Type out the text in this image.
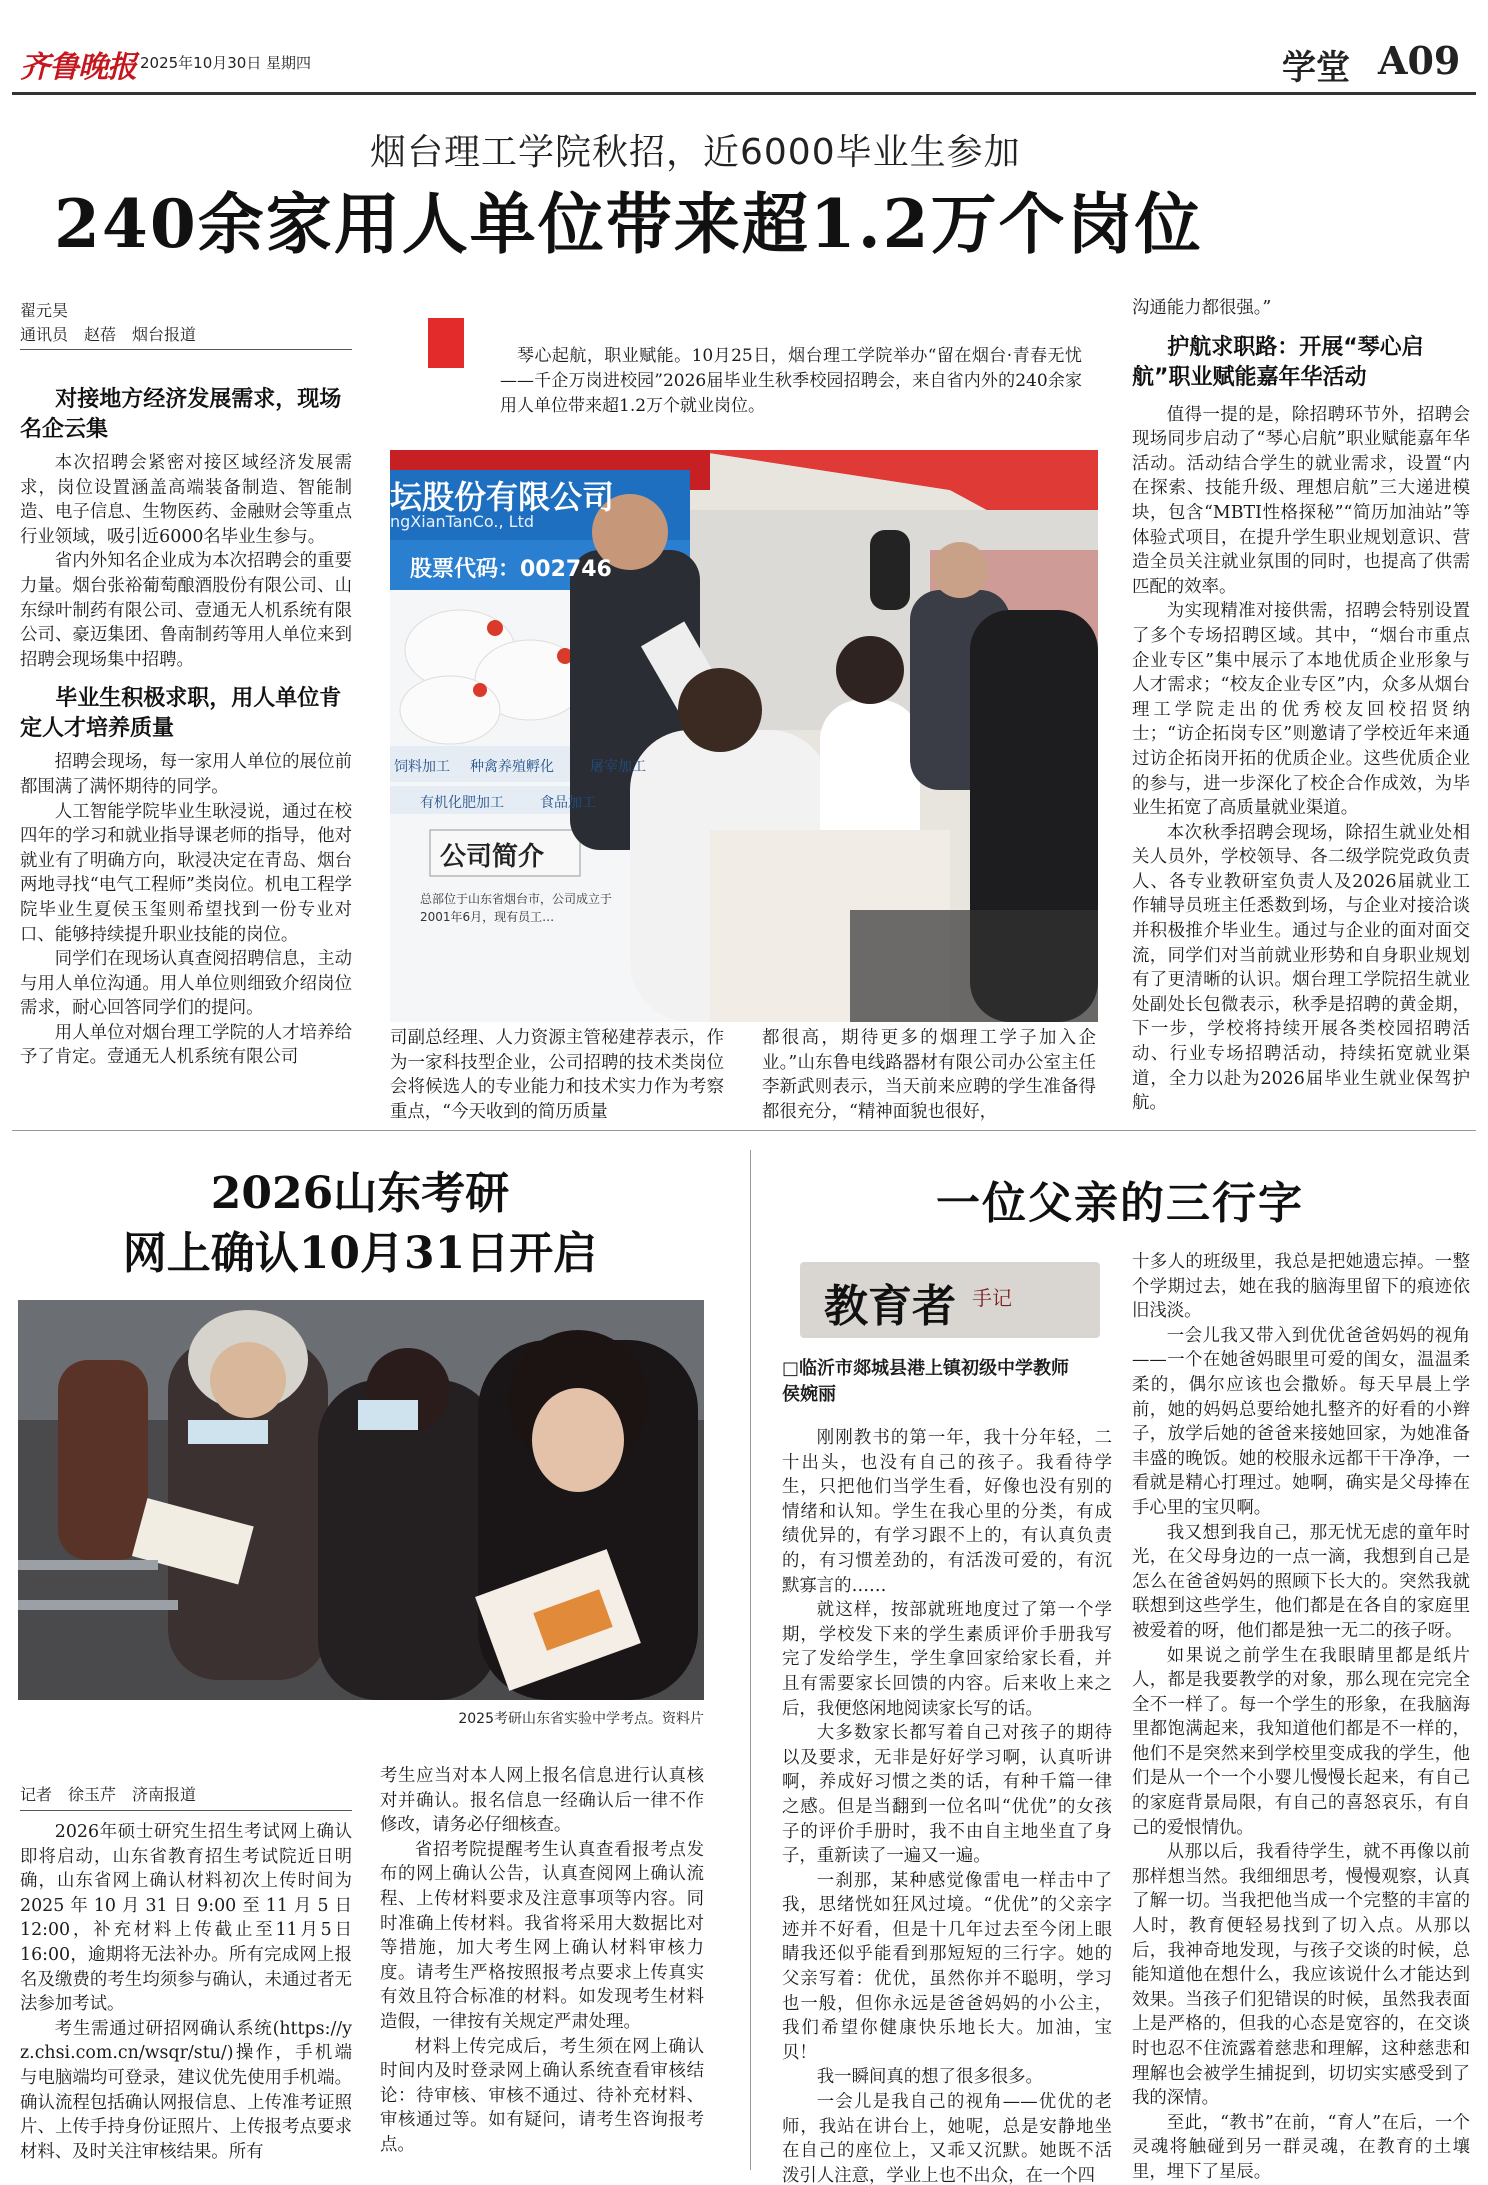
齐鲁晚报 2025年10月30日 星期四	学堂 A09
烟台理工学院秋招，近6000毕业生参加
240余家用人单位带来超1.2万个岗位
翟元昊
通讯员　赵蓓　烟台报道
对接地方经济发展需求，现场名企云集

本次招聘会紧密对接区域经济发展需求，岗位设置涵盖高端装备制造、智能制造、电子信息、生物医药、金融财会等重点行业领域，吸引近6000名毕业生参与。

省内外知名企业成为本次招聘会的重要力量。烟台张裕葡萄酿酒股份有限公司、山东绿叶制药有限公司、壹通无人机系统有限公司、豪迈集团、鲁南制药等用人单位来到招聘会现场集中招聘。

毕业生积极求职，用人单位肯定人才培养质量

招聘会现场，每一家用人单位的展位前都围满了满怀期待的同学。

人工智能学院毕业生耿浸说，通过在校四年的学习和就业指导课老师的指导，他对就业有了明确方向，耿浸决定在青岛、烟台两地寻找“电气工程师”类岗位。机电工程学院毕业生夏侯玉玺则希望找到一份专业对口、能够持续提升职业技能的岗位。

同学们在现场认真查阅招聘信息，主动与用人单位沟通。用人单位则细致介绍岗位需求，耐心回答同学们的提问。

用人单位对烟台理工学院的人才培养给予了肯定。壹通无人机系统有限公司

琴心起航，职业赋能。10月25日，烟台理工学院举办“留在烟台·青春无忧——千企万岗进校园”2026届毕业生秋季校园招聘会，来自省内外的240余家用人单位带来超1.2万个就业岗位。
坛股份有限公司
ngXianTanCo., Ltd
股票代码：002746
饲料加工 种禽养殖孵化	屠宰加工
有机化肥加工	食品加工
公司简介
总部位于山东省烟台市，公司成立于2001年6月，现有员工…
司副总经理、人力资源主管秘建荐表示，作为一家科技型企业，公司招聘的技术类岗位会将候选人的专业能力和技术实力作为考察重点，“今天收到的简历质量
都很高，期待更多的烟理工学子加入企业。”山东鲁电线路器材有限公司办公室主任李新武则表示，当天前来应聘的学生准备得都很充分，“精神面貌也很好，
沟通能力都很强。”
护航求职路：开展“琴心启航”职业赋能嘉年华活动

值得一提的是，除招聘环节外，招聘会现场同步启动了“琴心启航”职业赋能嘉年华活动。活动结合学生的就业需求，设置“内在探索、技能升级、理想启航”三大递进模块，包含“MBTI性格探秘”“简历加油站”等体验式项目，在提升学生职业规划意识、营造全员关注就业氛围的同时，也提高了供需匹配的效率。

为实现精准对接供需，招聘会特别设置了多个专场招聘区域。其中，“烟台市重点企业专区”集中展示了本地优质企业形象与人才需求；“校友企业专区”内，众多从烟台理工学院走出的优秀校友回校招贤纳士；“访企拓岗专区”则邀请了学校近年来通过访企拓岗开拓的优质企业。这些优质企业的参与，进一步深化了校企合作成效，为毕业生拓宽了高质量就业渠道。

本次秋季招聘会现场，除招生就业处相关人员外，学校领导、各二级学院党政负责人、各专业教研室负责人及2026届就业工作辅导员班主任悉数到场，与企业对接洽谈并积极推介毕业生。通过与企业的面对面交流，同学们对当前就业形势和自身职业规划有了更清晰的认识。烟台理工学院招生就业处副处长包微表示，秋季是招聘的黄金期，下一步，学校将持续开展各类校园招聘活动、行业专场招聘活动，持续拓宽就业渠道，全力以赴为2026届毕业生就业保驾护航。

2026山东考研
网上确认10月31日开启
2025考研山东省实验中学考点。资料片
记者　徐玉芹　济南报道

2026年硕士研究生招生考试网上确认即将启动，山东省教育招生考试院近日明确，山东省网上确认材料初次上传时间为2025年10月31日9:00至11月5日12:00，补充材料上传截止至11月5日16:00，逾期将无法补办。所有完成网上报名及缴费的考生均须参与确认，未通过者无法参加考试。

考生需通过研招网确认系统(https://yz.chsi.com.cn/wsqr/stu/)操作，手机端与电脑端均可登录，建议优先使用手机端。确认流程包括确认网报信息、上传准考证照片、上传手持身份证照片、上传报考点要求材料、及时关注审核结果。所有

考生应当对本人网上报名信息进行认真核对并确认。报名信息一经确认后一律不作修改，请务必仔细核查。

省招考院提醒考生认真查看报考点发布的网上确认公告，认真查阅网上确认流程、上传材料要求及注意事项等内容。同时准确上传材料。我省将采用大数据比对等措施，加大考生网上确认材料审核力度。请考生严格按照报考点要求上传真实有效且符合标准的材料。如发现考生材料造假，一律按有关规定严肃处理。

材料上传完成后，考生须在网上确认时间内及时登录网上确认系统查看审核结论：待审核、审核不通过、待补充材料、审核通过等。如有疑问，请考生咨询报考点。

一位父亲的三行字
教育者 手记
□临沂市郯城县港上镇初级中学教师
侯婉丽

刚刚教书的第一年，我十分年轻，二十出头，也没有自己的孩子。我看待学生，只把他们当学生看，好像也没有别的情绪和认知。学生在我心里的分类，有成绩优异的，有学习跟不上的，有认真负责的，有习惯差劲的，有活泼可爱的，有沉默寡言的……

就这样，按部就班地度过了第一个学期，学校发下来的学生素质评价手册我写完了发给学生，学生拿回家给家长看，并且有需要家长回馈的内容。后来收上来之后，我便悠闲地阅读家长写的话。

大多数家长都写着自己对孩子的期待以及要求，无非是好好学习啊，认真听讲啊，养成好习惯之类的话，有种千篇一律之感。但是当翻到一位名叫“优优”的女孩子的评价手册时，我不由自主地坐直了身子，重新读了一遍又一遍。

一刹那，某种感觉像雷电一样击中了我，思绪恍如狂风过境。“优优”的父亲字迹并不好看，但是十几年过去至今闭上眼睛我还似乎能看到那短短的三行字。她的父亲写着：优优，虽然你并不聪明，学习也一般，但你永远是爸爸妈妈的小公主，我们希望你健康快乐地长大。加油，宝贝！

我一瞬间真的想了很多很多。

一会儿是我自己的视角——优优的老师，我站在讲台上，她呢，总是安静地坐在自己的座位上，又乖又沉默。她既不活泼引人注意，学业上也不出众，在一个四

十多人的班级里，我总是把她遗忘掉。一整个学期过去，她在我的脑海里留下的痕迹依旧浅淡。

一会儿我又带入到优优爸爸妈妈的视角——一个在她爸妈眼里可爱的闺女，温温柔柔的，偶尔应该也会撒娇。每天早晨上学前，她的妈妈总要给她扎整齐的好看的小辫子，放学后她的爸爸来接她回家，为她准备丰盛的晚饭。她的校服永远都干干净净，一看就是精心打理过。她啊，确实是父母捧在手心里的宝贝啊。

我又想到我自己，那无忧无虑的童年时光，在父母身边的一点一滴，我想到自己是怎么在爸爸妈妈的照顾下长大的。突然我就联想到这些学生，他们都是在各自的家庭里被爱着的呀，他们都是独一无二的孩子呀。

如果说之前学生在我眼睛里都是纸片人，都是我要教学的对象，那么现在完完全全不一样了。每一个学生的形象，在我脑海里都饱满起来，我知道他们都是不一样的，他们不是突然来到学校里变成我的学生，他们是从一个一个小婴儿慢慢长起来，有自己的家庭背景局限，有自己的喜怒哀乐，有自己的爱恨情仇。

从那以后，我看待学生，就不再像以前那样想当然。我细细思考，慢慢观察，认真了解一切。当我把他当成一个完整的丰富的人时，教育便轻易找到了切入点。从那以后，我神奇地发现，与孩子交谈的时候，总能知道他在想什么，我应该说什么才能达到效果。当孩子们犯错误的时候，虽然我表面上是严格的，但我的心态是宽容的，在交谈时也忍不住流露着慈悲和理解，这种慈悲和理解也会被学生捕捉到，切切实实感受到了我的深情。

至此，“教书”在前，“育人”在后，一个灵魂将触碰到另一群灵魂，在教育的土壤里，埋下了星辰。
